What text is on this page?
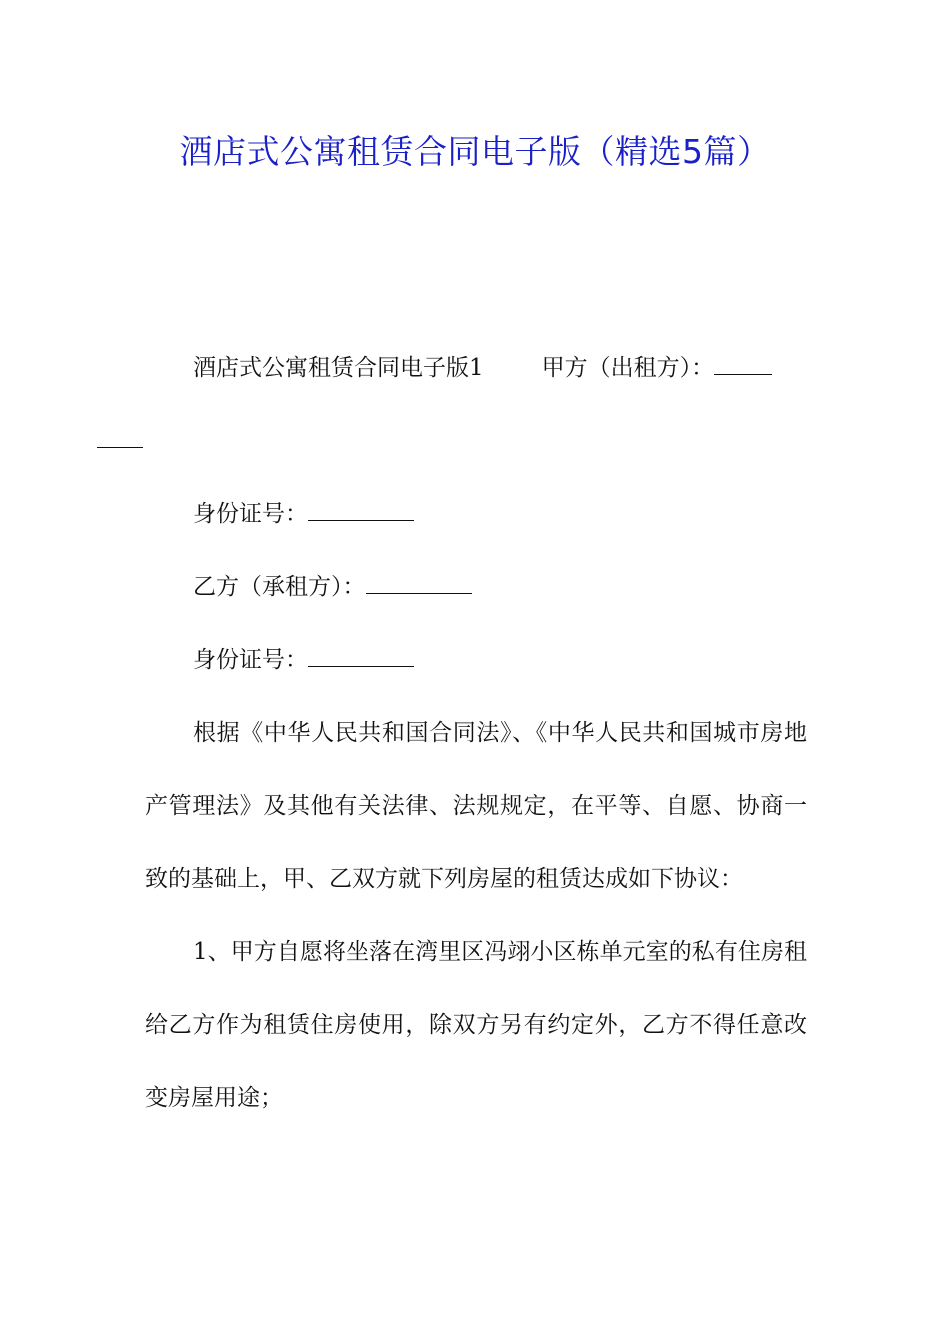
酒店式公寓租赁合同电子版（精选5篇）

酒店式公寓租赁合同电子版1	甲方（出租方）：

身份证号：

乙方（承租方）：

身份证号：

根据《中华人民共和国合同法》、《中华人民共和国城市房地产管理法》及其他有关法律、法规规定，在平等、自愿、协商一致的基础上，甲、乙双方就下列房屋的租赁达成如下协议：

1、甲方自愿将坐落在湾里区冯翊小区栋单元室的私有住房租给乙方作为租赁住房使用，除双方另有约定外，乙方不得任意改变房屋用途；
